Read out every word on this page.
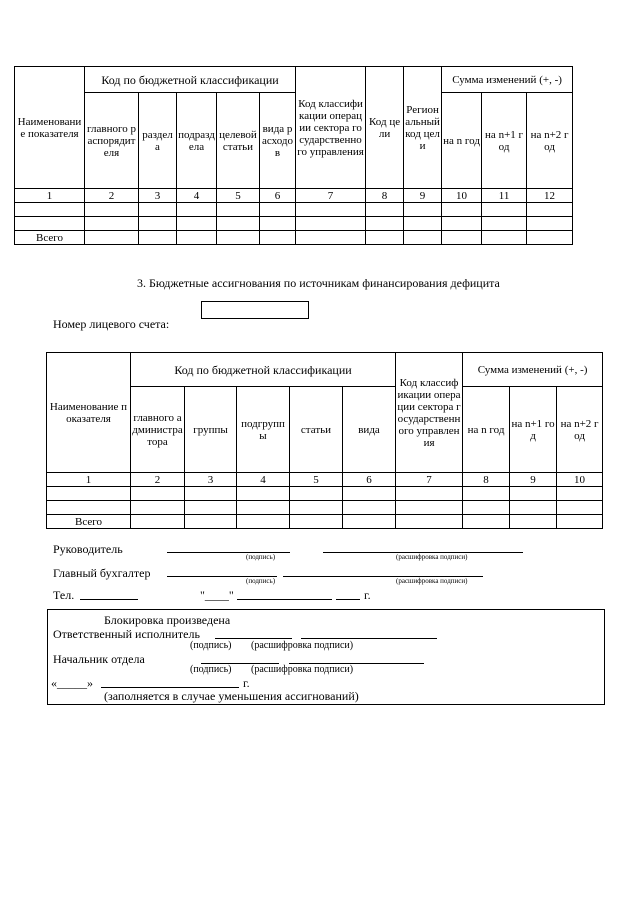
Наименование показателя	Код по бюджетной классификации					Код классификации операции сектора государственного управления	Код цели	Региональный код цели	Сумма изменений (+, -)		
	главного распорядителя	раздела	подраздела	целевой статьи	вида расходов				на n год	на n+1 год	на n+2 год
1	2	3	4	5	6	7	8	9	10	11	12

Всего											
3. Бюджетные ассигнования по источникам финансирования дефицита
Номер лицевого счета:
Наименование показателя	Код по бюджетной классификации					Код классификации операции сектора государственного управления	Сумма изменений (+, -)		
	главного администратора	группы	подгруппы	статьи	вида		на n год	на n+1 год	на n+2 год
1	2	3	4	5	6	7	8	9	10

Всего									
Руководитель
(подпись)	(расшифровка подписи)
Главный бухгалтер
(подпись)	(расшифровка подписи)
Тел.	"____"	г.
Блокировка произведена
Ответственный исполнитель
(подпись) (расшифровка подписи)
Начальник отдела
(подпись) (расшифровка подписи)
«_____»	г.
(заполняется в случае уменьшения ассигнований)
